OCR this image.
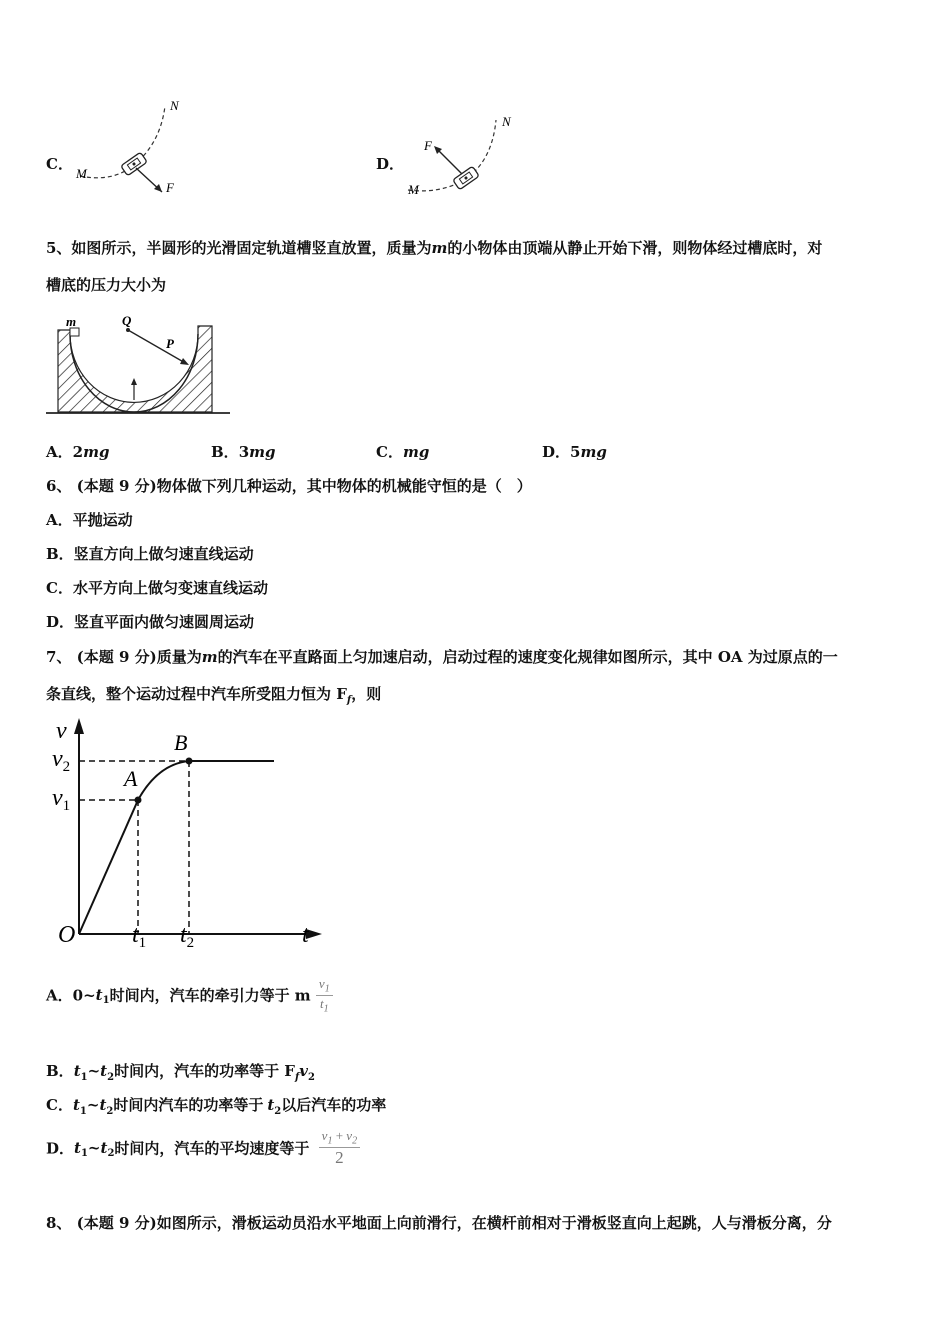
C．
M
N
F
D．
M
N
F
5、如图所示，半圆形的光滑固定轨道槽竖直放置，质量为m的小物体由顶端从静止开始下滑，则物体经过槽底时，对
槽底的压力大小为
m	Q
P
A．2mg	B．3mg	C．mg	D．5mg
6、 (本题 9 分)物体做下列几种运动，其中物体的机械能守恒的是（　）
A．平抛运动
B．竖直方向上做匀速直线运动
C．水平方向上做匀变速直线运动
D．竖直平面内做匀速圆周运动
7、 (本题 9 分)质量为m的汽车在平直路面上匀加速启动，启动过程的速度变化规律如图所示，其中 OA 为过原点的一
条直线，整个运动过程中汽车所受阻力恒为 $F_f$，则
v
$v_2$
$v_1$
A
B
O	t
$t_1$ $t_2$
A．$0\sim t_1$时间内，汽车的牵引力等于 m $\frac{v_1}{t_1}$
B．$t_1\sim t_2$时间内，汽车的功率等于 $F_fv_2$
C．$t_1\sim t_2$时间内汽车的功率等于 $t_2$以后汽车的功率
D．$t_1\sim t_2$时间内，汽车的平均速度等于 $\frac{v_1 + v_2}{2}$
8、 (本题 9 分)如图所示，滑板运动员沿水平地面上向前滑行，在横杆前相对于滑板竖直向上起跳，人与滑板分离，分
